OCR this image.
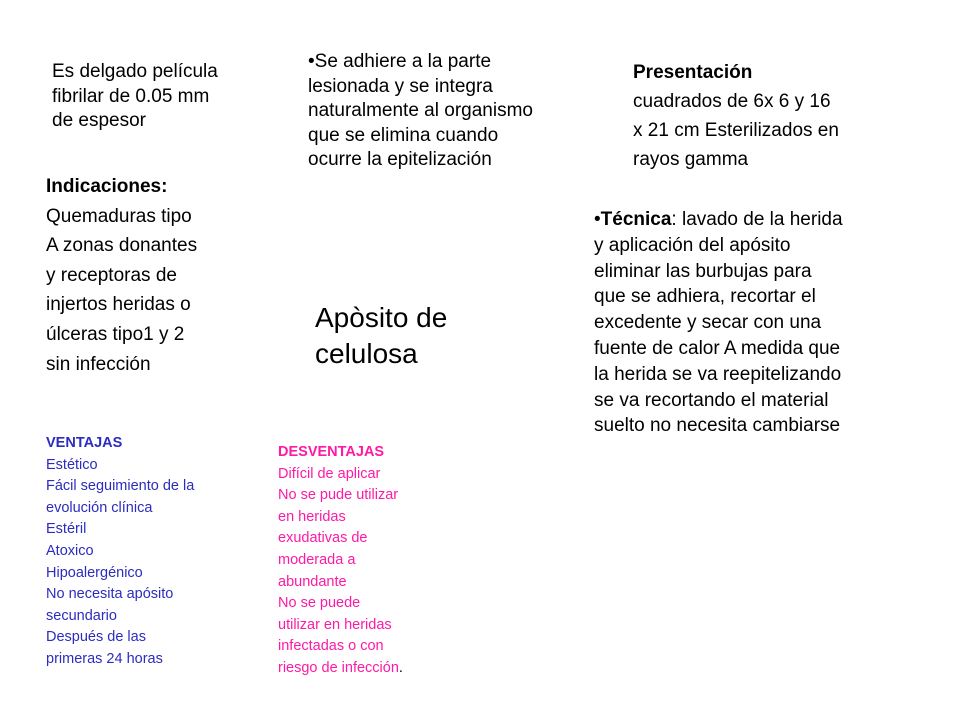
Es delgado película
fibrilar de 0.05 mm
de espesor
•Se adhiere a la parte
lesionada y se integra
naturalmente al organismo
que se elimina cuando
ocurre la epitelización
Presentación
cuadrados de 6x 6 y 16
x 21 cm Esterilizados en
rayos gamma
Indicaciones:
Quemaduras tipo
A zonas donantes
y receptoras de
injertos heridas o
úlceras tipo1 y 2
sin infección
Apòsito de
celulosa
•Técnica: lavado de la herida
y aplicación del apósito
eliminar las burbujas para
que se adhiera, recortar el
excedente y secar con una
fuente de calor A medida que
la herida se va reepitelizando
se va recortando el material
suelto no necesita cambiarse
VENTAJAS
Estético
Fácil seguimiento de la
evolución clínica
Estéril
Atoxico
Hipoalergénico
No necesita apósito
secundario
Después de las
primeras 24 horas
DESVENTAJAS
Difícil de aplicar
No se pude utilizar
en heridas
exudativas de
moderada a
abundante
No se puede
utilizar en heridas
infectadas o con
riesgo de infección.
